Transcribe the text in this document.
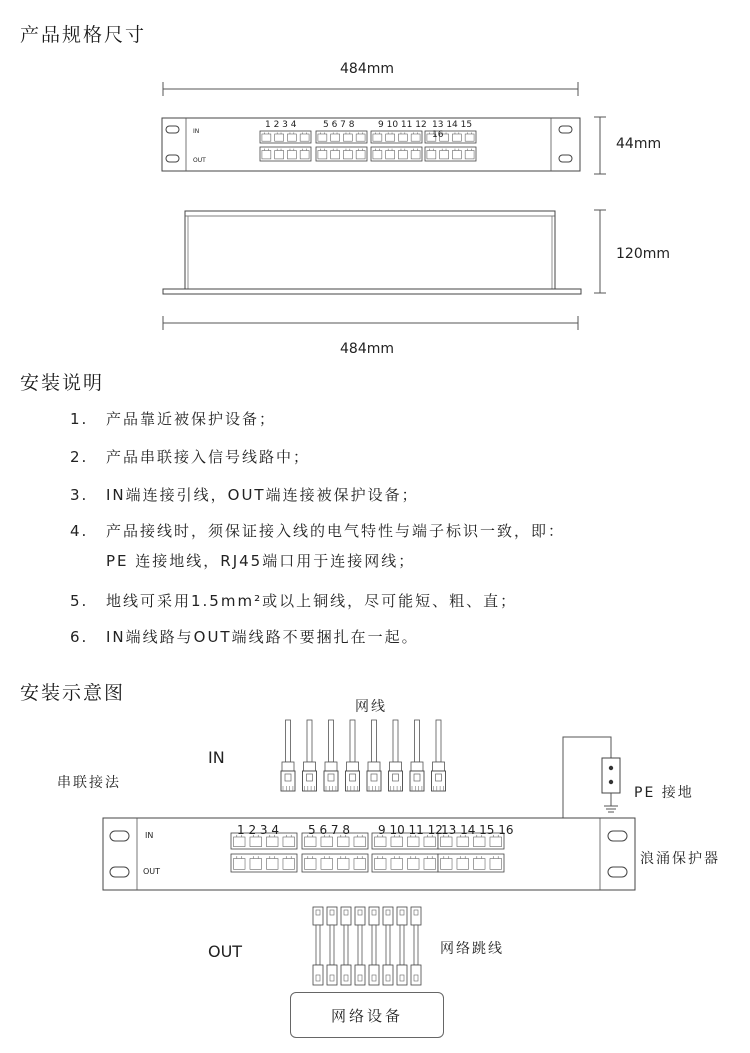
产品规格尺寸
484mm
IN
OUT
1 2 3 4	5 6 7 8	9 10 11 12 13 14 15 16
44mm
120mm
484mm
安装说明
1. 产品靠近被保护设备；
2. 产品串联接入信号线路中；
3. IN端连接引线，OUT端连接被保护设备；
4. 产品接线时，须保证接入线的电气特性与端子标识一致，即：
PE 连接地线，RJ45端口用于连接网线；
5. 地线可采用1.5mm²或以上铜线，尽可能短、粗、直；
6. IN端线路与OUT端线路不要捆扎在一起。
安装示意图
网线
IN
串联接法
PE 接地
IN
OUT
1 2 3 4 5 6 7 8 9 10 11 12
13 14 15 16
浪涌保护器
OUT	网络跳线
网络设备
